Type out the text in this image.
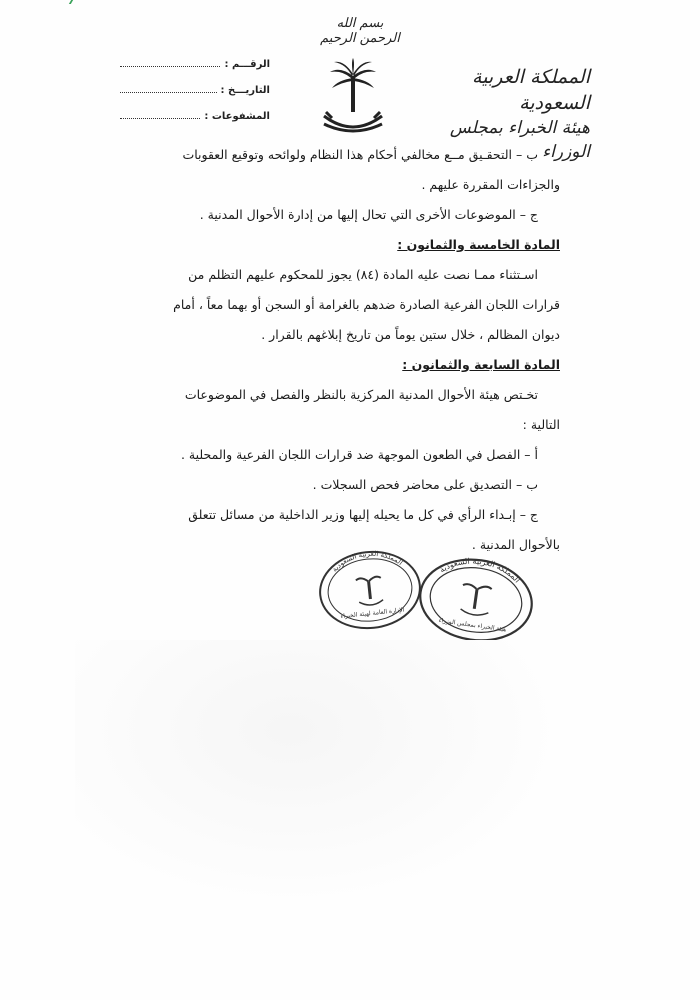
بسم الله الرحمن الرحيم
المملكة العربية السعودية
هيئة الخبراء بمجلس الوزراء
الرقـــم :
التاريـــخ :
المشفوعات :
ب – التحقـيق مــع مخالفي أحكام هذا النظام ولوائحه وتوقيع العقوبات
والجزاءات المقررة عليهم .
ج – الموضوعات الأخرى التي تحال إليها من إدارة الأحوال المدنية .
المادة الخامسة والثمانون :
اسـتثناء ممـا نصت عليه المادة (٨٤) يجوز للمحكوم عليهم التظلم من
قرارات اللجان الفرعية الصادرة ضدهم بالغرامة أو السجن أو بهما معاً ، أمام
ديوان المظالم ، خلال ستين يوماً من تاريخ إبلاغهم بالقرار .
المادة السابعة والثمانون :
تخـتص هيئة الأحوال المدنية المركزية بالنظر والفصل في الموضوعات
التالية :
أ – الفصل في الطعون الموجهة ضد قرارات اللجان الفرعية والمحلية .
ب – التصديق على محاضر فحص السجلات .
ج – إبـداء الرأي في كل ما يحيله إليها وزير الداخلية من مسائل تتعلق
بالأحوال المدنية .
المملكة العربية السعودية
الإدارة العامة لهيئة الخبراء
المملكة العربية السعودية
هيئة الخبراء بمجلس الوزراء
